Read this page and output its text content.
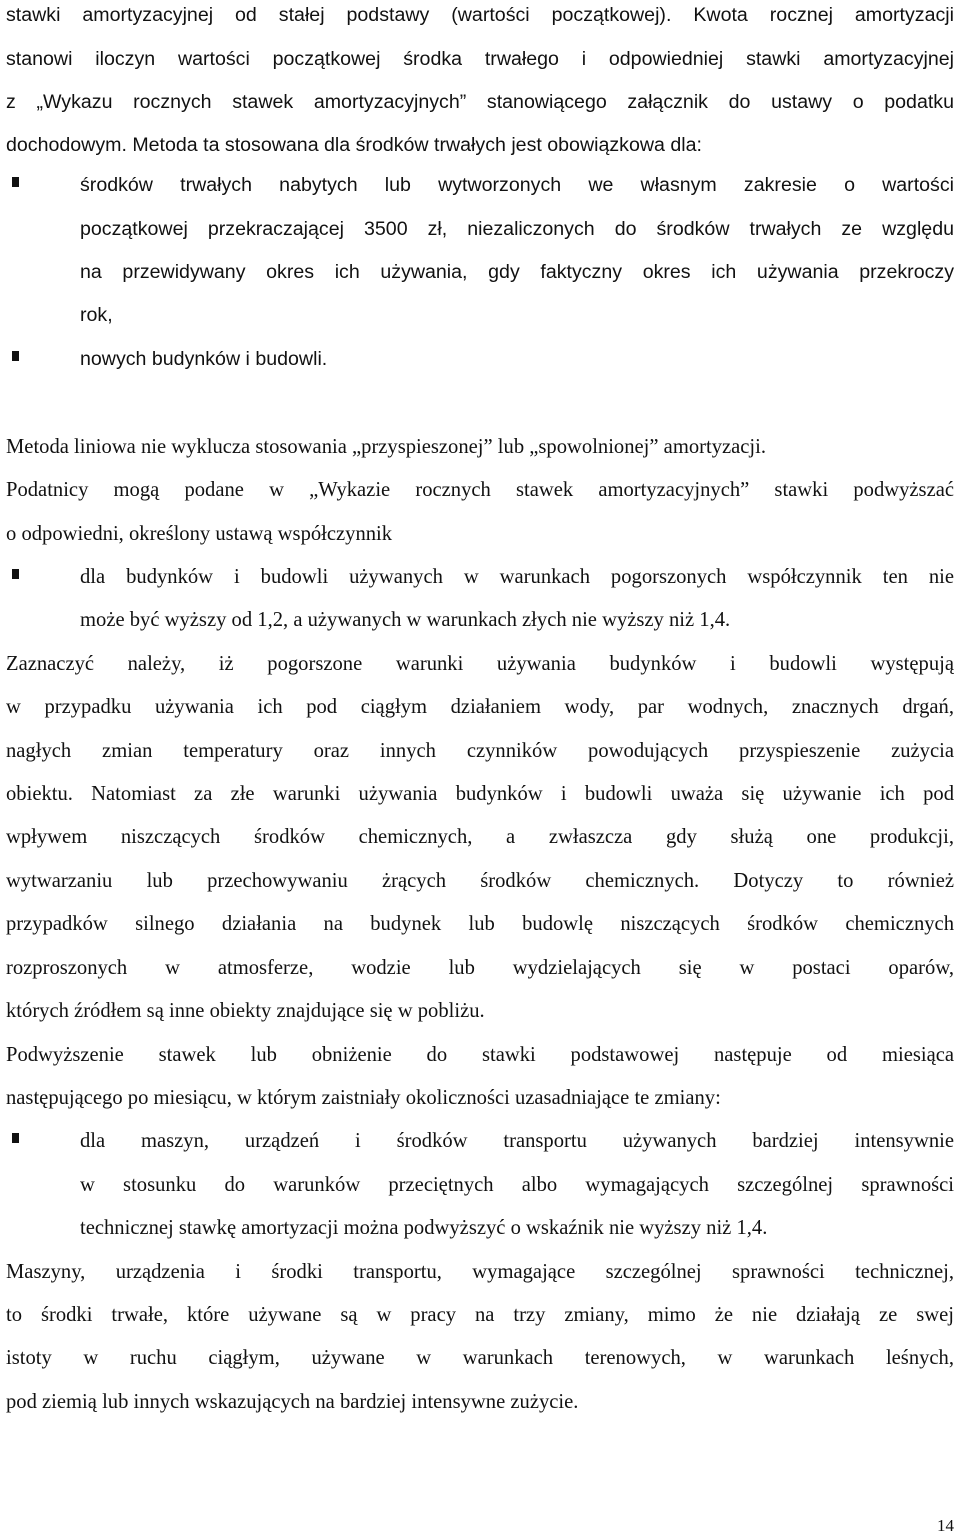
stawki amortyzacyjnej od stałej podstawy (wartości początkowej). Kwota rocznej amortyzacji
stanowi iloczyn wartości początkowej środka trwałego i odpowiedniej stawki amortyzacyjnej
z „Wykazu rocznych stawek amortyzacyjnych” stanowiącego załącznik do ustawy o podatku
dochodowym. Metoda ta stosowana dla środków trwałych jest obowiązkowa dla:
środków trwałych nabytych lub wytworzonych we własnym zakresie o wartości
początkowej przekraczającej 3500 zł, niezaliczonych do środków trwałych ze względu
na przewidywany okres ich używania, gdy faktyczny okres ich używania przekroczy
rok,
nowych budynków i budowli.
Metoda liniowa nie wyklucza stosowania „przyspieszonej” lub „spowolnionej” amortyzacji.
Podatnicy mogą podane w „Wykazie rocznych stawek amortyzacyjnych” stawki podwyższać
o odpowiedni, określony ustawą współczynnik
dla budynków i budowli używanych w warunkach pogorszonych współczynnik ten nie
może być wyższy od 1,2, a używanych w warunkach złych nie wyższy niż 1,4.
Zaznaczyć należy, iż pogorszone warunki używania budynków i budowli występują
w przypadku używania ich pod ciągłym działaniem wody, par wodnych, znacznych drgań,
nagłych zmian temperatury oraz innych czynników powodujących przyspieszenie zużycia
obiektu. Natomiast za złe warunki używania budynków i budowli uważa się używanie ich pod
wpływem niszczących środków chemicznych, a zwłaszcza gdy służą one produkcji,
wytwarzaniu lub przechowywaniu żrących środków chemicznych. Dotyczy to również
przypadków silnego działania na budynek lub budowlę niszczących środków chemicznych
rozproszonych w atmosferze, wodzie lub wydzielających się w postaci oparów,
których źródłem są inne obiekty znajdujące się w pobliżu.
Podwyższenie stawek lub obniżenie do stawki podstawowej następuje od miesiąca
następującego po miesiącu, w którym zaistniały okoliczności uzasadniające te zmiany:
dla maszyn, urządzeń i środków transportu używanych bardziej intensywnie
w stosunku do warunków przeciętnych albo wymagających szczególnej sprawności
technicznej stawkę amortyzacji można podwyższyć o wskaźnik nie wyższy niż 1,4.
Maszyny, urządzenia i środki transportu, wymagające szczególnej sprawności technicznej,
to środki trwałe, które używane są w pracy na trzy zmiany, mimo że nie działają ze swej
istoty w ruchu ciągłym, używane w warunkach terenowych, w warunkach leśnych,
pod ziemią lub innych wskazujących na bardziej intensywne zużycie.
14
